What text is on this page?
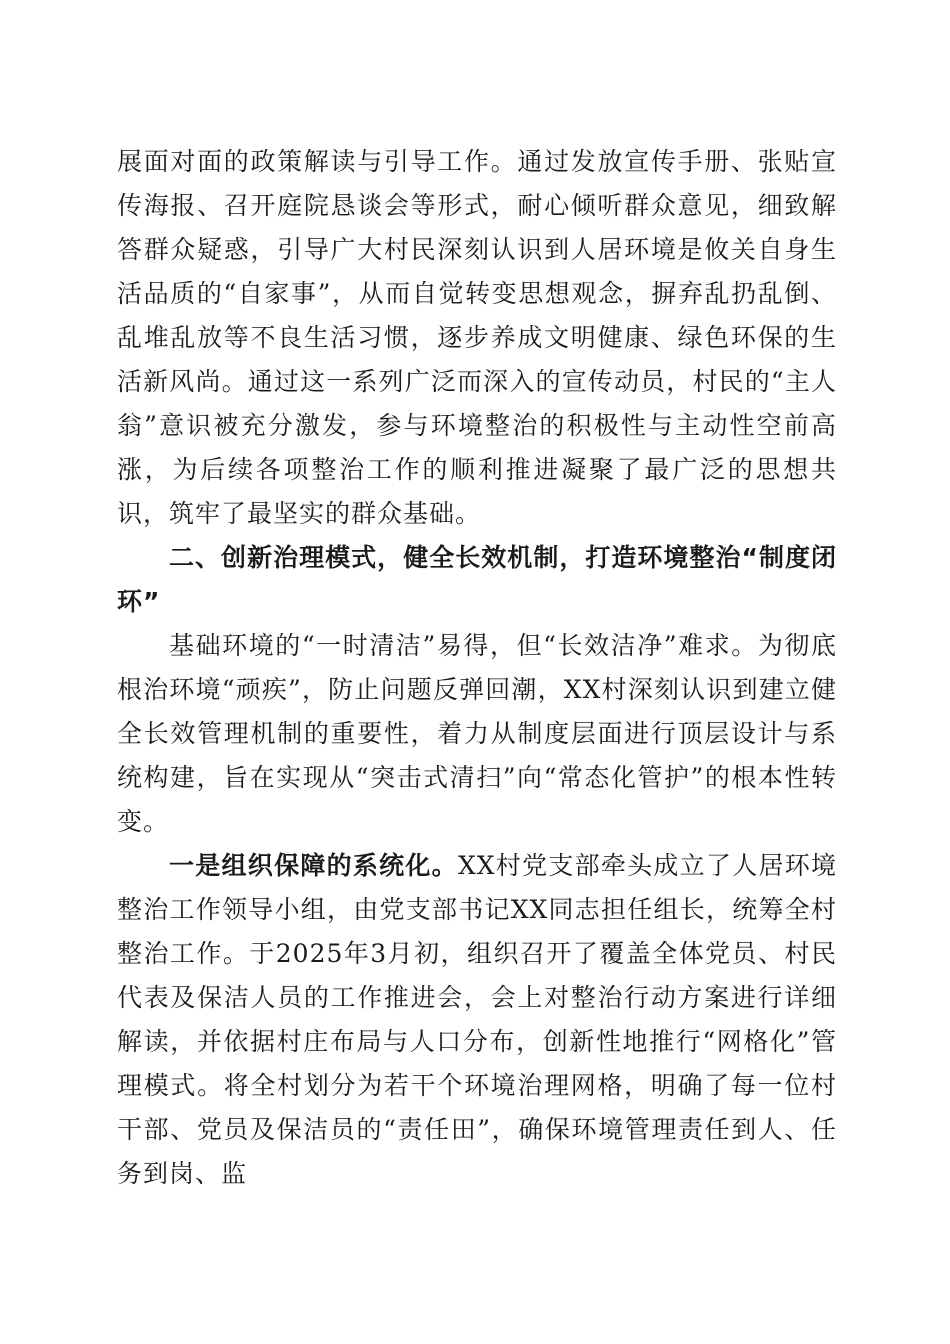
展面对面的政策解读与引导工作。通过发放宣传手册、张贴宣传海报、召开庭院恳谈会等形式，耐心倾听群众意见，细致解答群众疑惑，引导广大村民深刻认识到人居环境是攸关自身生活品质的“自家事”，从而自觉转变思想观念，摒弃乱扔乱倒、乱堆乱放等不良生活习惯，逐步养成文明健康、绿色环保的生活新风尚。通过这一系列广泛而深入的宣传动员，村民的“主人翁”意识被充分激发，参与环境整治的积极性与主动性空前高涨，为后续各项整治工作的顺利推进凝聚了最广泛的思想共识，筑牢了最坚实的群众基础。

二、创新治理模式，健全长效机制，打造环境整治“制度闭环”

基础环境的“一时清洁”易得，但“长效洁净”难求。为彻底根治环境“顽疾”，防止问题反弹回潮，XX村深刻认识到建立健全长效管理机制的重要性，着力从制度层面进行顶层设计与系统构建，旨在实现从“突击式清扫”向“常态化管护”的根本性转变。

一是组织保障的系统化。XX村党支部牵头成立了人居环境整治工作领导小组，由党支部书记XX同志担任组长，统筹全村整治工作。于2025年3月初，组织召开了覆盖全体党员、村民代表及保洁人员的工作推进会，会上对整治行动方案进行详细解读，并依据村庄布局与人口分布，创新性地推行“网格化”管理模式。将全村划分为若干个环境治理网格，明确了每一位村干部、党员及保洁员的“责任田”，确保环境管理责任到人、任务到岗、监
